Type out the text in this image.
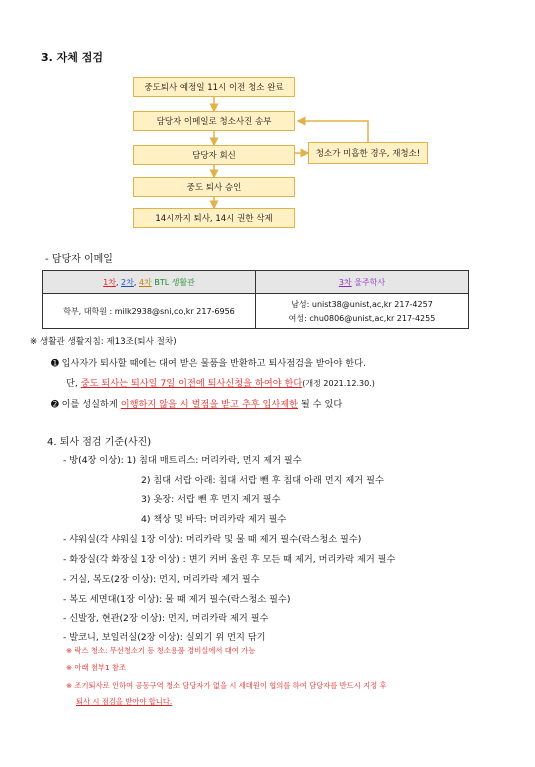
3. 자체 점검
중도퇴사 예정일 11시 이전 청소 완료
담당자 이메일로 청소사진 송부
담당자 회신
중도 퇴사 승인
14시까지 퇴사, 14시 권한 삭제
청소가 미흡한 경우, 재청소!
- 담당자 이메일
1차, 2차, 4차 BTL 생활관	3차 울주학사
학부, 대학원 : milk2938@sni,co,kr 217-6956	남성: unist38@unist,ac,kr 217-4257
여성: chu0806@unist,ac,kr 217-4255
※ 생활관 생활지침: 제13조(퇴사 절차)
➊ 입사자가 퇴사할 때에는 대여 받은 물품을 반환하고 퇴사점검을 받아야 한다.
단, 중도 퇴사는 퇴사일 7일 이전에 퇴사신청을 하여야 한다(개정 2021.12.30.)
➋ 이를 성실하게 이행하지 않을 시 벌점을 받고 추후 입사제한 될 수 있다
4. 퇴사 점검 기준(사진)
- 방(4장 이상): 1) 침대 매트리스: 머리카락, 먼지 제거 필수
2) 침대 서랍 아래: 침대 서랍 뺀 후 침대 아래 먼지 제거 필수
3) 옷장: 서랍 뺀 후 먼지 제거 필수
4) 책상 및 바닥: 머리카락 제거 필수
- 샤워실(각 샤워실 1장 이상): 머리카락 및 물 때 제거 필수(락스청소 필수)
- 화장실(각 화장실 1장 이상) : 변기 커버 올린 후 모든 때 제거, 머리카락 제거 필수
- 거실, 복도(2장 이상): 먼지, 머리카락 제거 필수
- 복도 세면대(1장 이상): 물 때 제거 필수(락스청소 필수)
- 신발장, 현관(2장 이상): 먼지, 머리카락 제거 필수
- 발코니, 보일러실(2장 이상): 실외기 위 먼지 닦기
※ 락스 청소: 무선청소기 등 청소용품 경비실에서 대여 가능
※ 아래 첨부1 참조
※ 조기퇴사로 인하여 공동구역 청소 담당자가 없을 시 세대원이 협의를 하여 담당자를 반드시 지정 후
퇴사 시 점검을 받아야 합니다.
